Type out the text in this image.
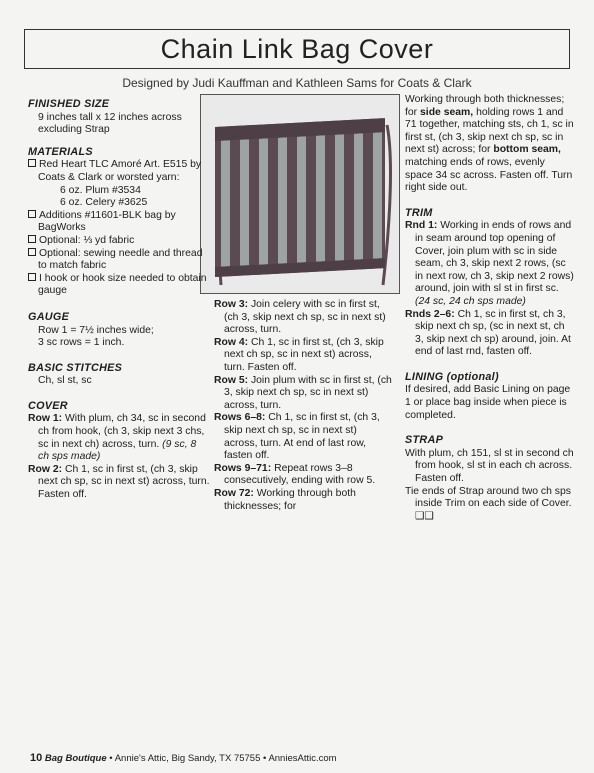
Chain Link Bag Cover
Designed by Judi Kauffman and Kathleen Sams for Coats & Clark
FINISHED SIZE
9 inches tall x 12 inches across excluding Strap
MATERIALS
Red Heart TLC Amoré Art. E515 by Coats & Clark or worsted yarn:
6 oz. Plum #3534
6 oz. Celery #3625
Additions #11601-BLK bag by BagWorks
Optional: ⅓ yd fabric
Optional: sewing needle and thread to match fabric
I hook or hook size needed to obtain gauge
GAUGE
Row 1 = 7½ inches wide;
3 sc rows = 1 inch.
BASIC STITCHES
Ch, sl st, sc
COVER
Row 1: With plum, ch 34, sc in second ch from hook, (ch 3, skip next 3 chs, sc in next ch) across, turn. (9 sc, 8 ch sps made)
Row 2: Ch 1, sc in first st, (ch 3, skip next ch sp, sc in next st) across, turn. Fasten off.
Row 3: Join celery with sc in first st, (ch 3, skip next ch sp, sc in next st) across, turn.
Row 4: Ch 1, sc in first st, (ch 3, skip next ch sp, sc in next st) across, turn. Fasten off.
Row 5: Join plum with sc in first st, (ch 3, skip next ch sp, sc in next st) across, turn.
Rows 6–8: Ch 1, sc in first st, (ch 3, skip next ch sp, sc in next st) across, turn. At end of last row, fasten off.
Rows 9–71: Repeat rows 3–8 consecutively, ending with row 5.
Row 72: Working through both thicknesses; for
Working through both thicknesses; for side seam, holding rows 1 and 71 together, matching sts, ch 1, sc in first st, (ch 3, skip next ch sp, sc in next st) across; for bottom seam, matching ends of rows, evenly space 34 sc across. Fasten off. Turn right side out.
TRIM
Rnd 1: Working in ends of rows and in seam around top opening of Cover, join plum with sc in side seam, ch 3, skip next 2 rows, (sc in next row, ch 3, skip next 2 rows) around, join with sl st in first sc. (24 sc, 24 ch sps made)
Rnds 2–6: Ch 1, sc in first st, ch 3, skip next ch sp, (sc in next st, ch 3, skip next ch sp) around, join. At end of last rnd, fasten off.
LINING (optional)
If desired, add Basic Lining on page 1 or place bag inside when piece is completed.
STRAP
With plum, ch 151, sl st in second ch from hook, sl st in each ch across. Fasten off.
Tie ends of Strap around two ch sps inside Trim on each side of Cover. ❑❑
10 Bag Boutique • Annie's Attic, Big Sandy, TX 75755 • AnniesAttic.com
